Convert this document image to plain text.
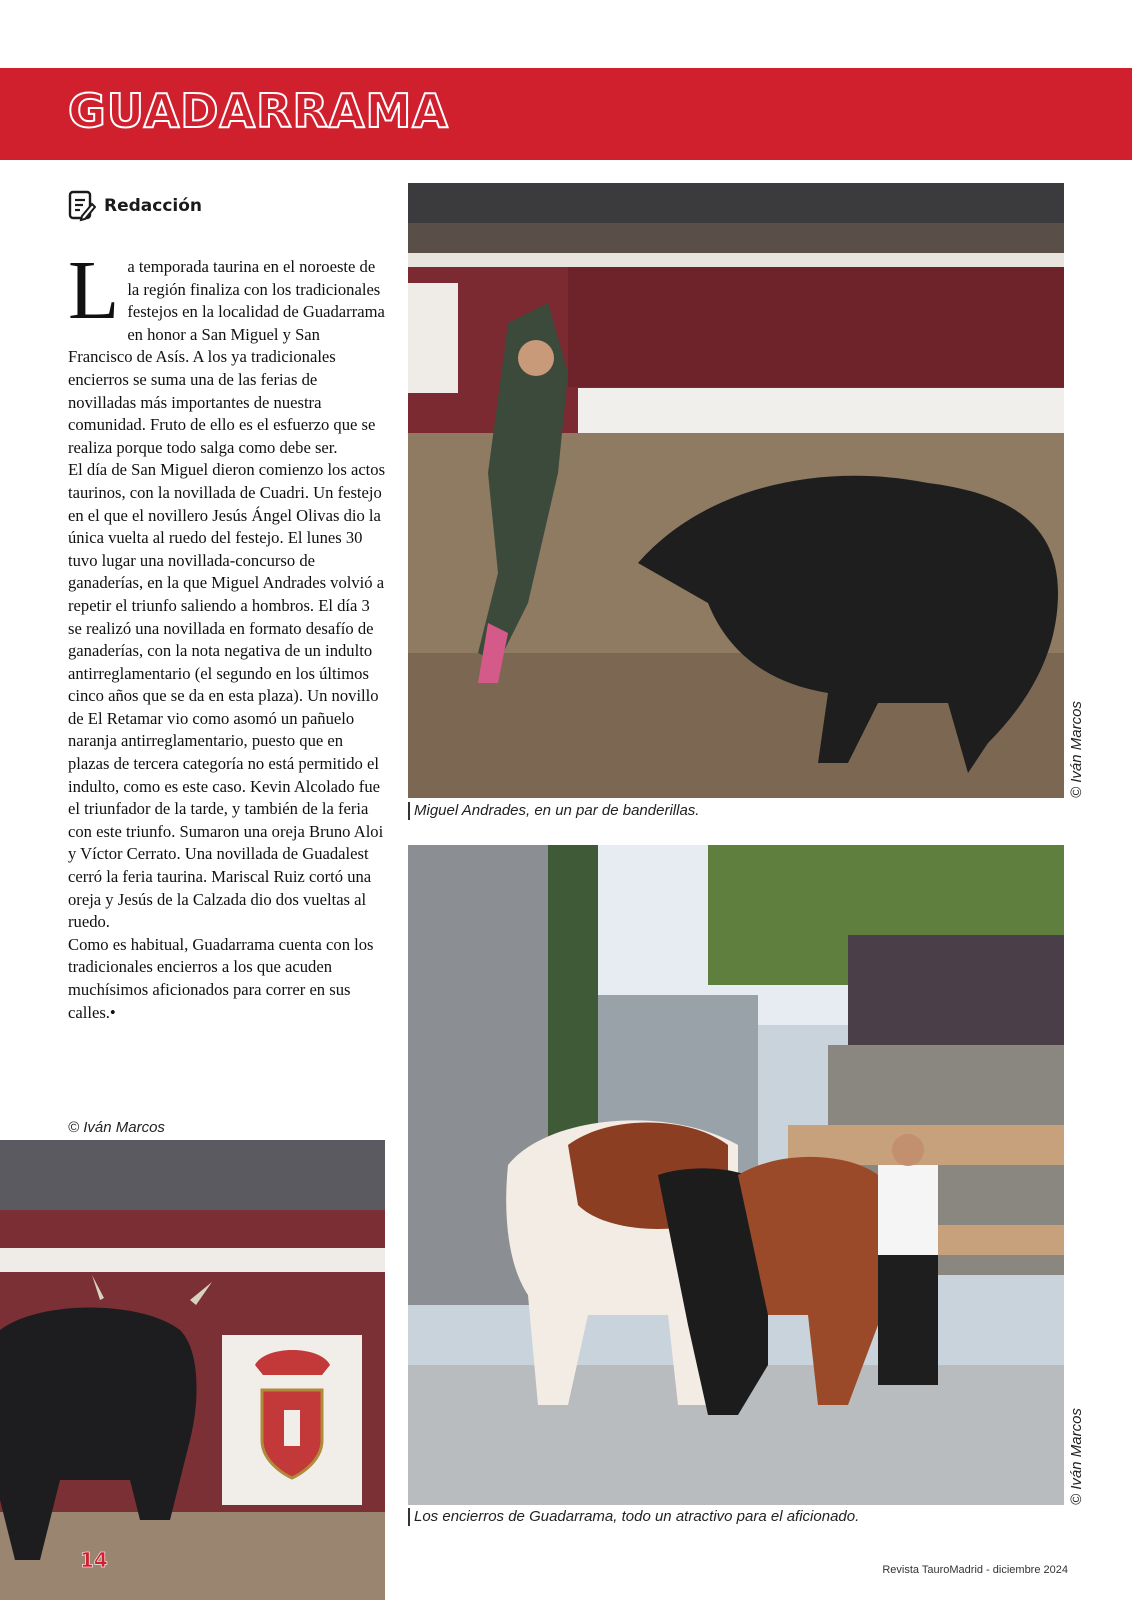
GUADARRAMA
Redacción

La temporada taurina en el noroeste de la región finaliza con los tradicionales festejos en la localidad de Guadarrama en honor a San Miguel y San Francisco de Asís. A los ya tradicionales encierros se suma una de las ferias de novilladas más importantes de nuestra comunidad. Fruto de ello es el esfuerzo que se realiza porque todo salga como debe ser.

El día de San Miguel dieron comienzo los actos taurinos, con la novillada de Cuadri. Un festejo en el que el novillero Jesús Ángel Olivas dio la única vuelta al ruedo del festejo. El lunes 30 tuvo lugar una novillada-concurso de ganaderías, en la que Miguel Andrades volvió a repetir el triunfo saliendo a hombros. El día 3 se realizó una novillada en formato desafío de ganaderías, con la nota negativa de un indulto antirreglamentario (el segundo en los últimos cinco años que se da en esta plaza). Un novillo de El Retamar vio como asomó un pañuelo naranja antirreglamentario, puesto que en plazas de tercera categoría no está permitido el indulto, como es este caso. Kevin Alcolado fue el triunfador de la tarde, y también de la feria con este triunfo. Sumaron una oreja Bruno Aloi y Víctor Cerrato. Una novillada de Guadalest cerró la feria taurina. Mariscal Ruiz cortó una oreja y Jesús de la Calzada dio dos vueltas al ruedo.

Como es habitual, Guadarrama cuenta con los tradicionales encierros a los que acuden muchísimos aficionados para correr en sus calles.•

© Iván Marcos
Miguel Andrades, en un par de banderillas.
© Iván Marcos
Los encierros de Guadarrama, todo un atractivo para el aficionado.
© Iván Marcos
14	Revista TauroMadrid - diciembre 2024
